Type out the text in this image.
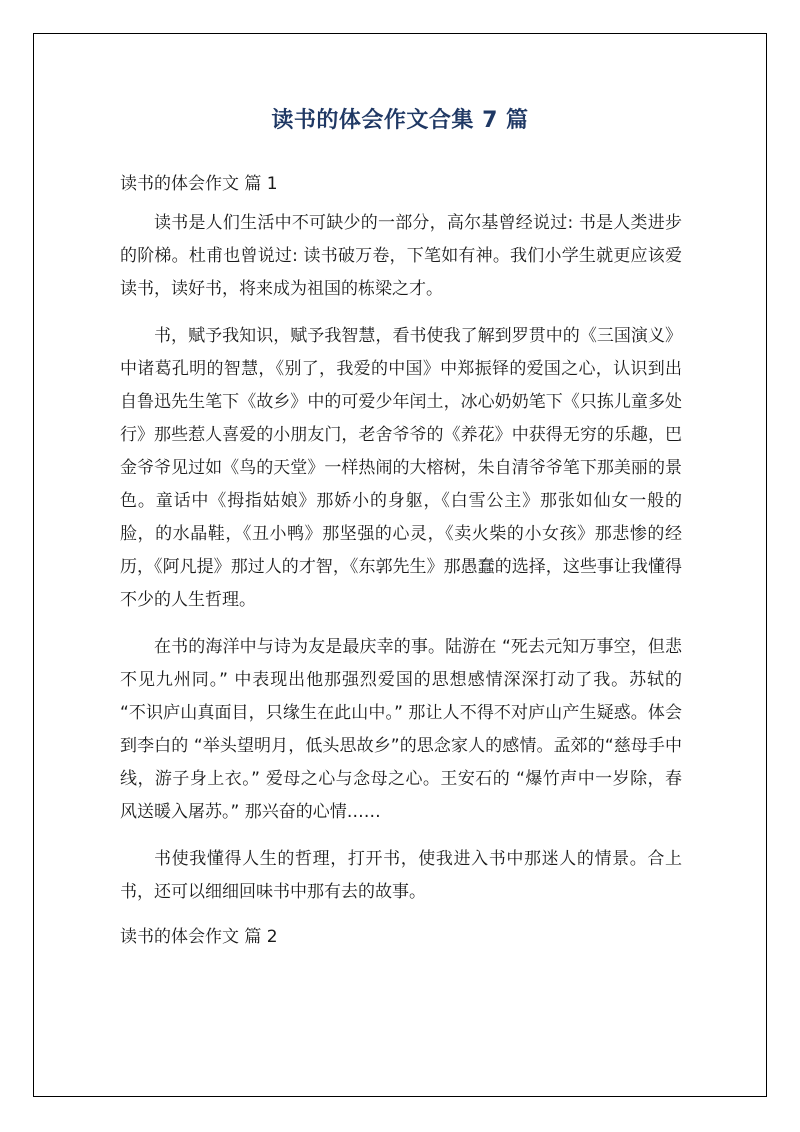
读书的体会作文合集 7 篇

读书的体会作文 篇 1

读书是人们生活中不可缺少的一部分，高尔基曾经说过: 书是人类进步的阶梯。杜甫也曾说过: 读书破万卷，下笔如有神。我们小学生就更应该爱读书，读好书，将来成为祖国的栋梁之才。

书，赋予我知识，赋予我智慧，看书使我了解到罗贯中的《三国演义》中诸葛孔明的智慧，《别了，我爱的中国》中郑振铎的爱国之心，认识到出自鲁迅先生笔下《故乡》中的可爱少年闰土，冰心奶奶笔下《只拣儿童多处行》那些惹人喜爱的小朋友门，老舍爷爷的《养花》中获得无穷的乐趣，巴金爷爷见过如《鸟的天堂》一样热闹的大榕树，朱自清爷爷笔下那美丽的景色。童话中《拇指姑娘》那娇小的身躯，《白雪公主》那张如仙女一般的脸，的水晶鞋，《丑小鸭》那坚强的心灵，《卖火柴的小女孩》那悲惨的经历，《阿凡提》那过人的才智，《东郭先生》那愚蠢的选择，这些事让我懂得不少的人生哲理。

在书的海洋中与诗为友是最庆幸的事。陆游在 “死去元知万事空，但悲不见九州同。” 中表现出他那强烈爱国的思想感情深深打动了我。苏轼的 “不识庐山真面目，只缘生在此山中。” 那让人不得不对庐山产生疑惑。体会到李白的 “举头望明月，低头思故乡”的思念家人的感情。孟郊的“慈母手中线，游子身上衣。” 爱母之心与念母之心。王安石的 “爆竹声中一岁除，春风送暖入屠苏。” 那兴奋的心情……

书使我懂得人生的哲理，打开书，使我进入书中那迷人的情景。合上书，还可以细细回味书中那有去的故事。

读书的体会作文 篇 2
